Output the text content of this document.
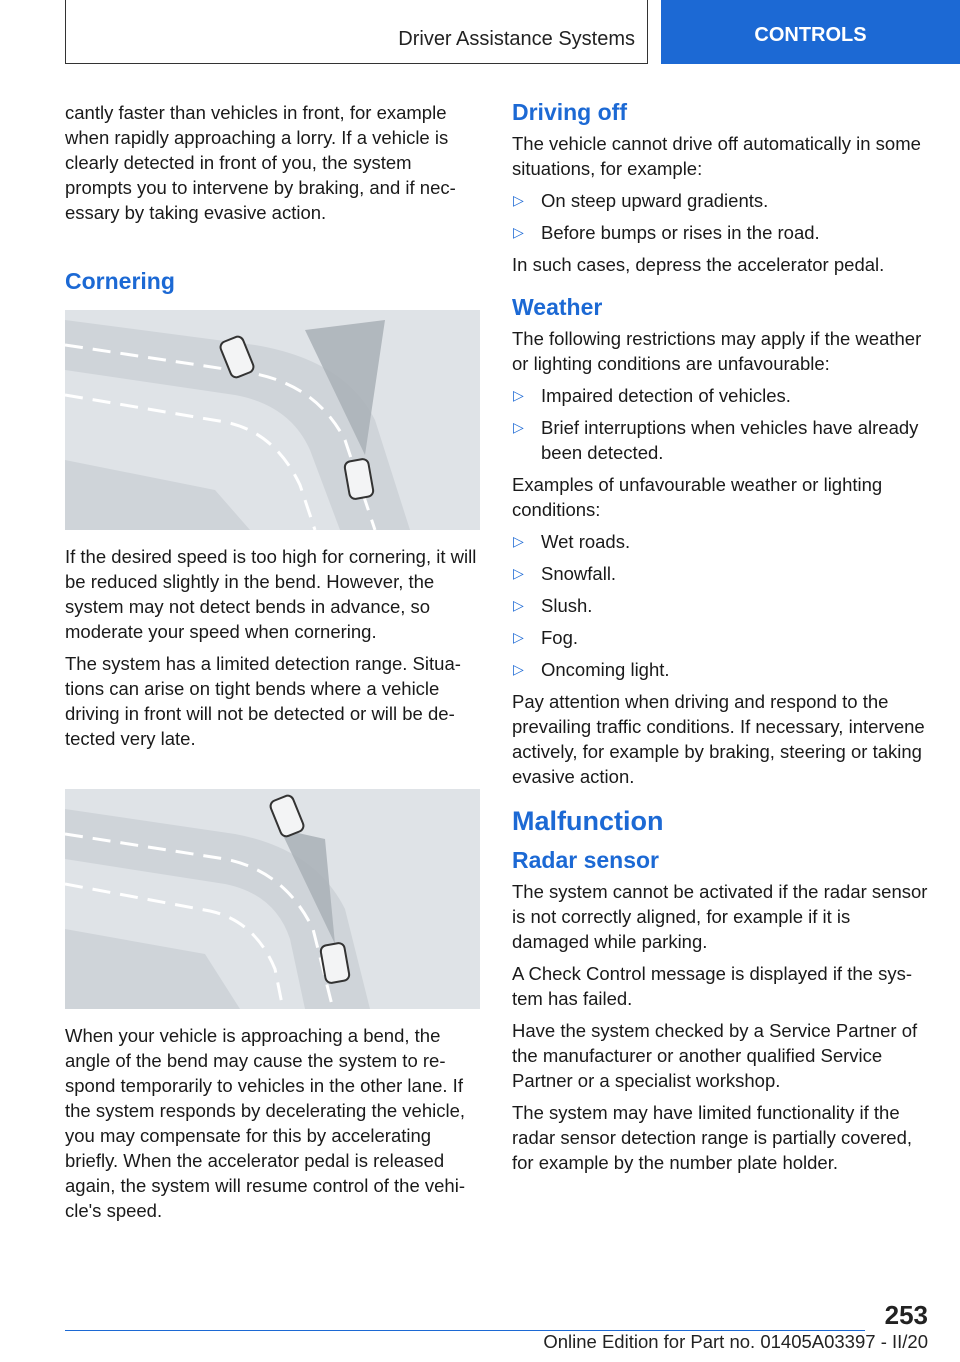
Driver Assistance Systems	CONTROLS

cantly faster than vehicles in front, for example when rapidly approaching a lorry. If a vehicle is clearly detected in front of you, the system prompts you to intervene by braking, and if necessary by taking evasive action.

Cornering

If the desired speed is too high for cornering, it will be reduced slightly in the bend. However, the system may not detect bends in advance, so moderate your speed when cornering.

The system has a limited detection range. Situations can arise on tight bends where a vehicle driving in front will not be detected or will be detected very late.

When your vehicle is approaching a bend, the angle of the bend may cause the system to respond temporarily to vehicles in the other lane. If the system responds by decelerating the vehicle, you may compensate for this by accelerating briefly. When the accelerator pedal is released again, the system will resume control of the vehicle's speed.

Driving off

The vehicle cannot drive off automatically in some situations, for example:

▷ On steep upward gradients.
▷ Before bumps or rises in the road.

In such cases, depress the accelerator pedal.

Weather

The following restrictions may apply if the weather or lighting conditions are unfavourable:

▷ Impaired detection of vehicles.
▷ Brief interruptions when vehicles have already been detected.

Examples of unfavourable weather or lighting conditions:

▷ Wet roads.
▷ Snowfall.
▷ Slush.
▷ Fog.
▷ Oncoming light.

Pay attention when driving and respond to the prevailing traffic conditions. If necessary, intervene actively, for example by braking, steering or taking evasive action.

Malfunction
Radar sensor

The system cannot be activated if the radar sensor is not correctly aligned, for example if it is damaged while parking.

A Check Control message is displayed if the system has failed.

Have the system checked by a Service Partner of the manufacturer or another qualified Service Partner or a specialist workshop.

The system may have limited functionality if the radar sensor detection range is partially covered, for example by the number plate holder.

253
Online Edition for Part no. 01405A03397 - II/20
